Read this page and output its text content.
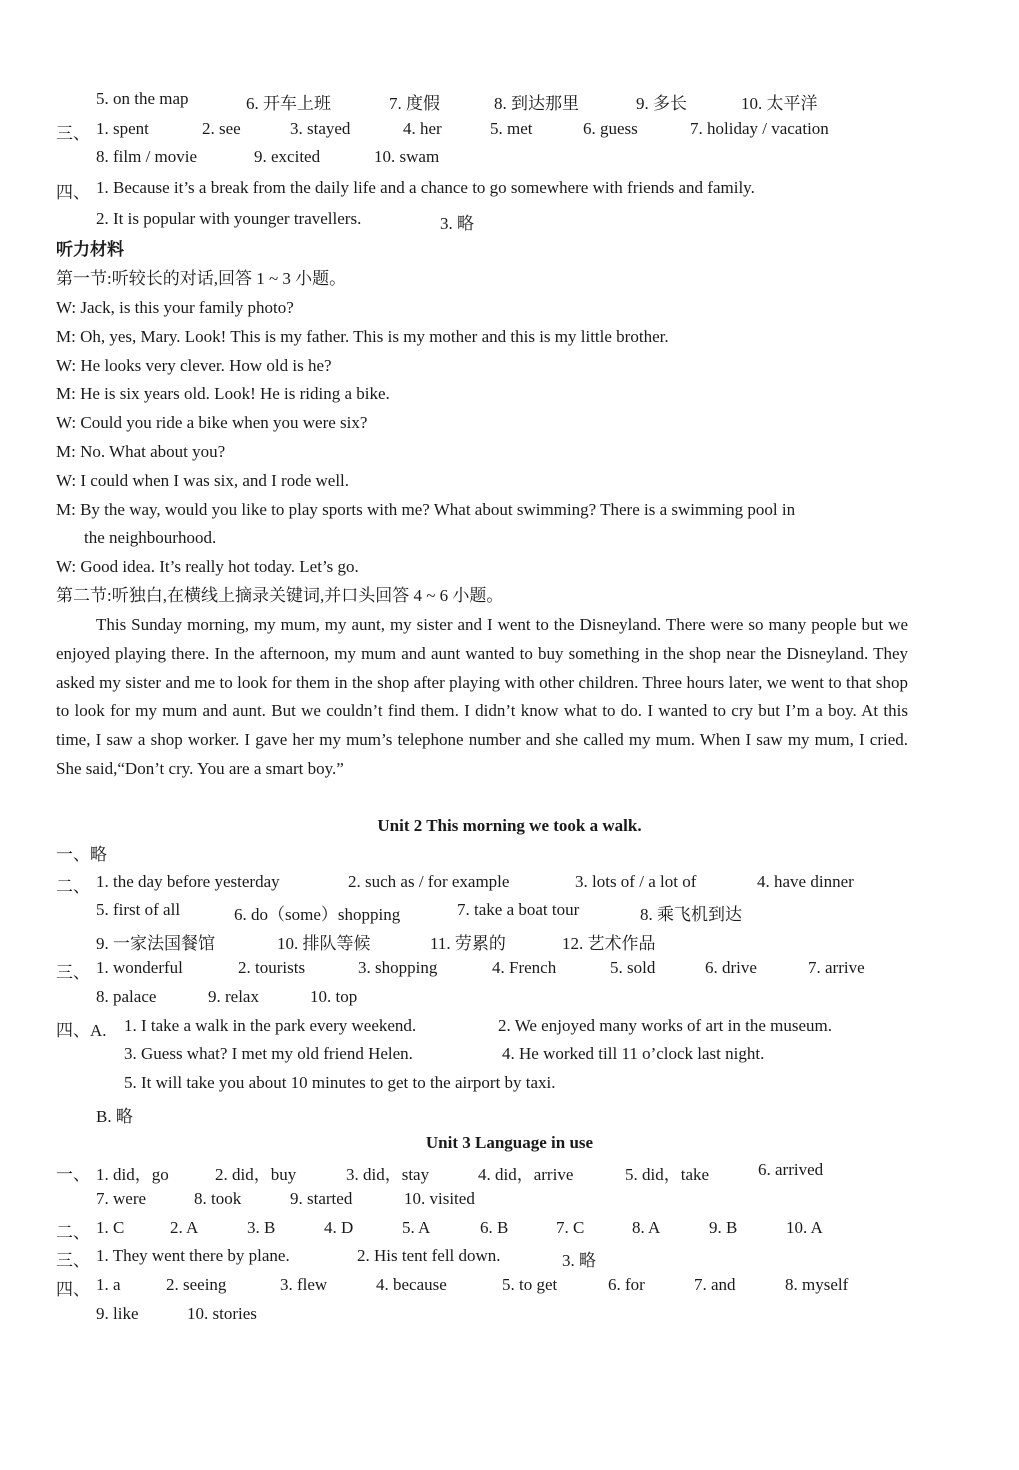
5. on the map	6. 开车上班	7. 度假	8. 到达那里	9. 多长	10. 太平洋
三、 1. spent	2. see	3. stayed	4. her	5. met	6. guess	7. holiday / vacation
8. film / movie	9. excited	10. swam
四、 1. Because it’s a break from the daily life and a chance to go somewhere with friends and family.
2. It is popular with younger travellers.	3. 略
听力材料
第一节:听较长的对话,回答 1 ~ 3 小题。
W: Jack, is this your family photo?
M: Oh, yes, Mary. Look! This is my father. This is my mother and this is my little brother.
W: He looks very clever. How old is he?
M: He is six years old. Look! He is riding a bike.
W: Could you ride a bike when you were six?
M: No. What about you?
W: I could when I was six, and I rode well.
M: By the way, would you like to play sports with me? What about swimming? There is a swimming pool in
the neighbourhood.
W: Good idea. It’s really hot today. Let’s go.
第二节:听独白,在横线上摘录关键词,并口头回答 4 ~ 6 小题。
This Sunday morning, my mum, my aunt, my sister and I went to the Disneyland. There were so many people but we enjoyed playing there. In the afternoon, my mum and aunt wanted to buy something in the shop near the Disneyland. They asked my sister and me to look for them in the shop after playing with other children. Three hours later, we went to that shop to look for my mum and aunt. But we couldn’t find them. I didn’t know what to do. I wanted to cry but I’m a boy. At this time, I saw a shop worker. I gave her my mum’s telephone number and she called my mum. When I saw my mum, I cried. She said,“Don’t cry. You are a smart boy.”
Unit 2 This morning we took a walk.
一、略
二、 1. the day before yesterday	2. such as / for example	3. lots of / a lot of	4. have dinner
5. first of all	6. do（some）shopping	7. take a boat tour	8. 乘飞机到达
9. 一家法国餐馆	10. 排队等候	11. 劳累的	12. 艺术作品
三、 1. wonderful	2. tourists	3. shopping	4. French	5. sold	6. drive	7. arrive
8. palace	9. relax	10. top
四、A. 1. I take a walk in the park every weekend.	2. We enjoyed many works of art in the museum.
3. Guess what? I met my old friend Helen.	4. He worked till 11 o’clock last night.
5. It will take you about 10 minutes to get to the airport by taxi.
B. 略
Unit 3 Language in use
一、 1. did，go	2. did，buy	3. did，stay	4. did，arrive	5. did，take	6. arrived
7. were	8. took	9. started	10. visited
二、 1. C	2. A	3. B	4. D	5. A	6. B	7. C	8. A	9. B	10. A
三、 1. They went there by plane.	2. His tent fell down.	3. 略
四、 1. a	2. seeing	3. flew	4. because	5. to get	6. for	7. and	8. myself
9. like	10. stories
